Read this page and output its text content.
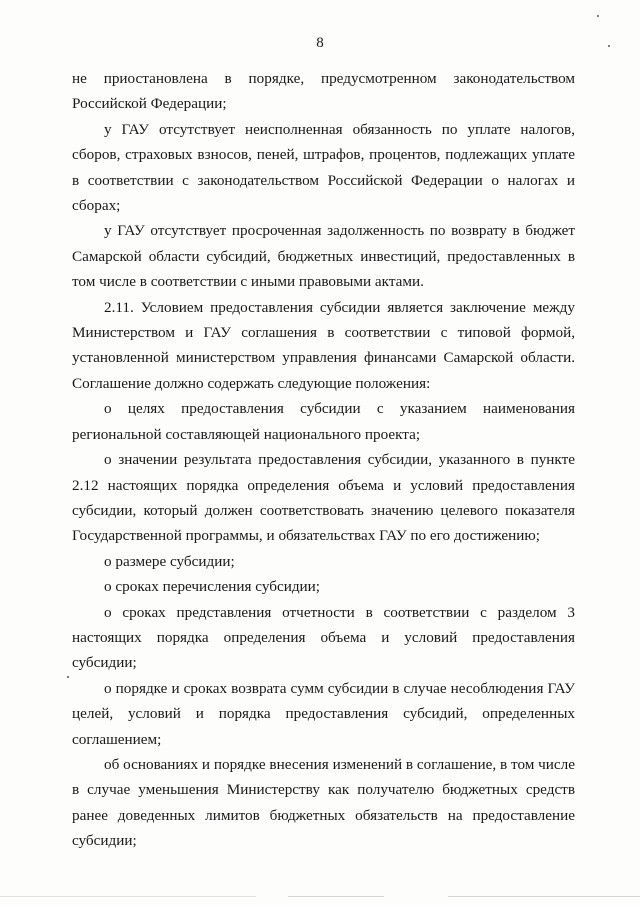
8

не приостановлена в порядке, предусмотренном законодательством Российской Федерации;

у ГАУ отсутствует неисполненная обязанность по уплате налогов, сборов, страховых взносов, пеней, штрафов, процентов, подлежащих уплате в соответствии с законодательством Российской Федерации о налогах и сборах;

у ГАУ отсутствует просроченная задолженность по возврату в бюджет Самарской области субсидий, бюджетных инвестиций, предоставленных в том числе в соответствии с иными правовыми актами.

2.11. Условием предоставления субсидии является заключение между Министерством и ГАУ соглашения в соответствии с типовой формой, установленной министерством управления финансами Самарской области. Соглашение должно содержать следующие положения:

о целях предоставления субсидии с указанием наименования региональной составляющей национального проекта;

о значении результата предоставления субсидии, указанного в пункте 2.12 настоящих порядка определения объема и условий предоставления субсидии, который должен соответствовать значению целевого показателя Государственной программы, и обязательствах ГАУ по его достижению;

о размере субсидии;

о сроках перечисления субсидии;

о сроках представления отчетности в соответствии с разделом 3 настоящих порядка определения объема и условий предоставления субсидии;

о порядке и сроках возврата сумм субсидии в случае несоблюдения ГАУ целей, условий и порядка предоставления субсидий, определенных соглашением;

об основаниях и порядке внесения изменений в соглашение, в том числе в случае уменьшения Министерству как получателю бюджетных средств ранее доведенных лимитов бюджетных обязательств на предоставление субсидии;
